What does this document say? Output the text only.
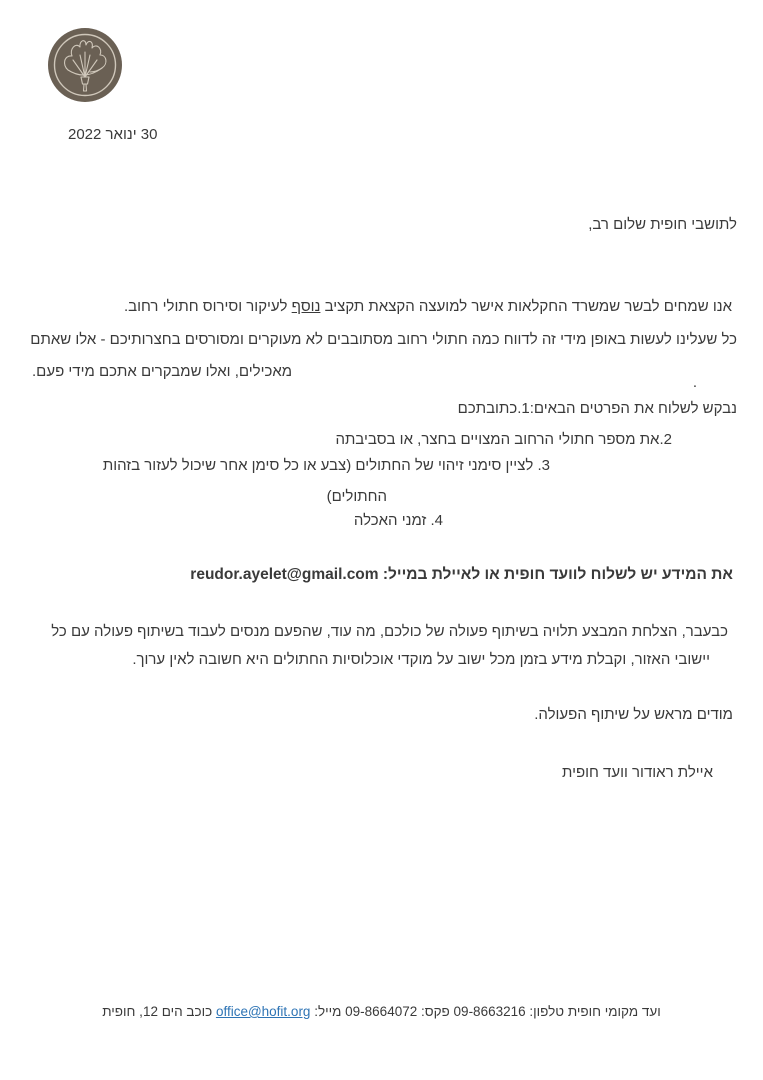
30 ינואר 2022
לתושבי חופית שלום רב,
אנו שמחים לבשר שמשרד החקלאות אישר למועצה הקצאת תקציב נוסף לעיקור וסירוס חתולי רחוב.
כל שעלינו לעשות באופן מידי זה לדווח כמה חתולי רחוב מסתובבים לא מעוקרים ומסורסים בחצרותיכם - אלו שאתם
מאכילים, ואלו שמבקרים אתכם מידי פעם.
.
נבקש לשלוח את הפרטים הבאים:1.כתובתכם
2.את מספר חתולי הרחוב המצויים בחצר, או בסביבתה
3. לציין סימני זיהוי של החתולים (צבע או כל סימן אחר שיכול לעזור בזהות
החתולים)
4. זמני האכלה
את המידע יש לשלוח לוועד חופית או לאיילת במייל: reudor.ayelet@gmail.com
כבעבר, הצלחת המבצע תלויה בשיתוף פעולה של כולכם, מה עוד, שהפעם מנסים לעבוד בשיתוף פעולה עם כל
יישובי האזור, וקבלת מידע בזמן מכל ישוב על מוקדי אוכלוסיות החתולים היא חשובה לאין ערוך.
מודים מראש על שיתוף הפעולה.
איילת ראודור וועד חופית
ועד מקומי חופית טלפון: 09-8663216 פקס: 09-8664072 מייל: office@hofit.org כוכב הים 12, חופית
